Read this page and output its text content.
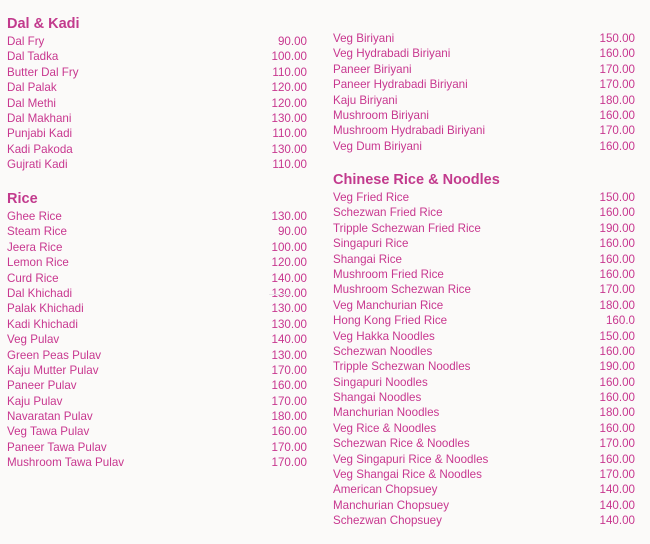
Dal & Kadi
Dal Fry	90.00
Dal Tadka	100.00
Butter Dal Fry	110.00
Dal Palak	120.00
Dal Methi	120.00
Dal Makhani	130.00
Punjabi Kadi	110.00
Kadi Pakoda	130.00
Gujrati Kadi	110.00
Rice
Ghee Rice	130.00
Steam Rice	90.00
Jeera Rice	100.00
Lemon Rice	120.00
Curd Rice	140.00
Dal Khichadi	130.00
Palak Khichadi	130.00
Kadi Khichadi	130.00
Veg Pulav	140.00
Green Peas Pulav	130.00
Kaju Mutter Pulav	170.00
Paneer Pulav	160.00
Kaju Pulav	170.00
Navaratan Pulav	180.00
Veg Tawa Pulav	160.00
Paneer Tawa Pulav	170.00
Mushroom Tawa Pulav	170.00
Veg Biriyani	150.00
Veg Hydrabadi Biriyani	160.00
Paneer Biriyani	170.00
Paneer Hydrabadi Biriyani	170.00
Kaju Biriyani	180.00
Mushroom Biriyani	160.00
Mushroom Hydrabadi Biriyani	170.00
Veg Dum Biriyani	160.00
Chinese Rice & Noodles
Veg Fried Rice	150.00
Schezwan Fried Rice	160.00
Tripple Schezwan Fried Rice	190.00
Singapuri Rice	160.00
Shangai Rice	160.00
Mushroom Fried Rice	160.00
Mushroom Schezwan Rice	170.00
Veg Manchurian Rice	180.00
Hong Kong Fried Rice	160.0
Veg Hakka Noodles	150.00
Schezwan Noodles	160.00
Tripple Schezwan Noodles	190.00
Singapuri Noodles	160.00
Shangai Noodles	160.00
Manchurian Noodles	180.00
Veg Rice & Noodles	160.00
Schezwan Rice & Noodles	170.00
Veg Singapuri Rice & Noodles	160.00
Veg Shangai Rice & Noodles	170.00
American Chopsuey	140.00
Manchurian Chopsuey	140.00
Schezwan Chopsuey	140.00
